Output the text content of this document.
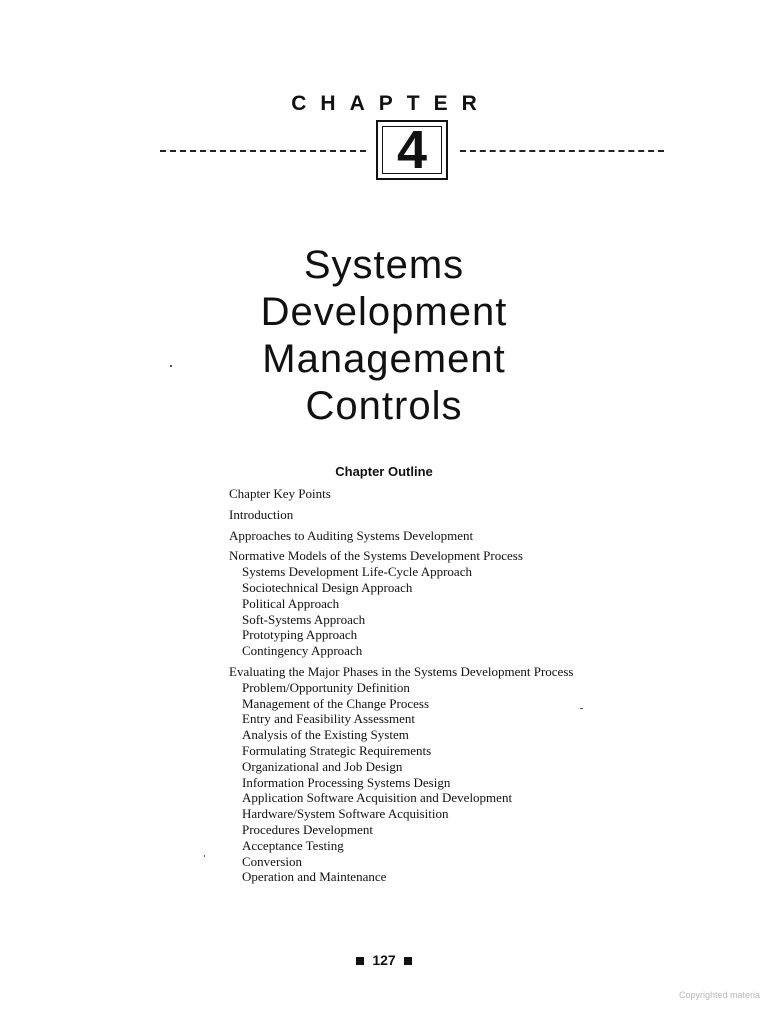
CHAPTER
4
Systems
Development
Management
Controls
Chapter Outline
Chapter Key Points
Introduction
Approaches to Auditing Systems Development
Normative Models of the Systems Development Process
Systems Development Life-Cycle Approach
Sociotechnical Design Approach
Political Approach
Soft-Systems Approach
Prototyping Approach
Contingency Approach
Evaluating the Major Phases in the Systems Development Process
Problem/Opportunity Definition
Management of the Change Process
Entry and Feasibility Assessment
Analysis of the Existing System
Formulating Strategic Requirements
Organizational and Job Design
Information Processing Systems Design
Application Software Acquisition and Development
Hardware/System Software Acquisition
Procedures Development
Acceptance Testing
Conversion
Operation and Maintenance
127
Copyrighted materia
